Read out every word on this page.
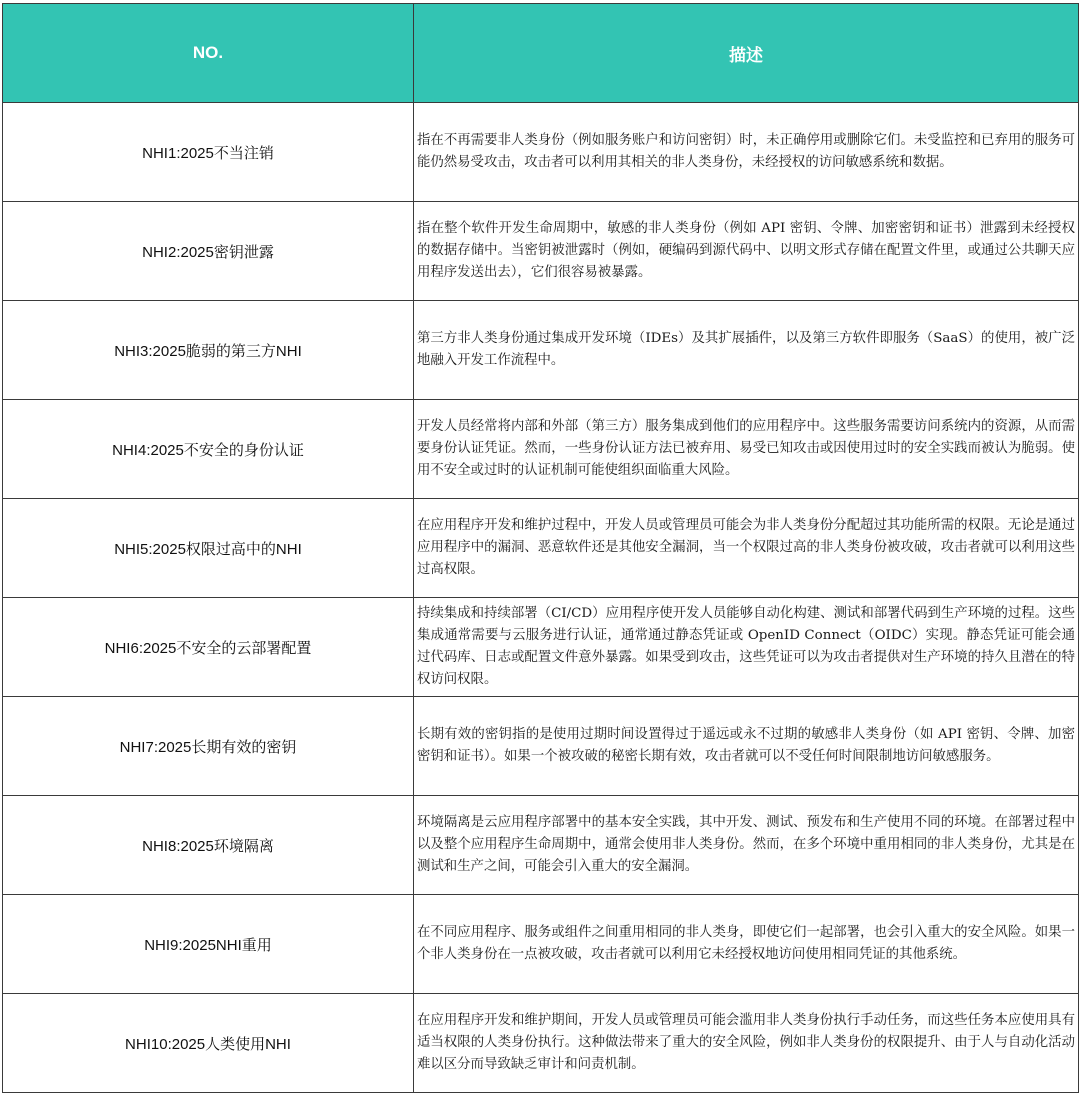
NO.	描述
NHI1:2025不当注销	指在不再需要非人类身份（例如服务账户和访问密钥）时，未正确停用或删除它们。未受监控和已弃用的服务可能仍然易受攻击，攻击者可以利用其相关的非人类身份，未经授权的访问敏感系统和数据。
NHI2:2025密钥泄露	指在整个软件开发生命周期中，敏感的非人类身份（例如 API 密钥、令牌、加密密钥和证书）泄露到未经授权的数据存储中。当密钥被泄露时（例如，硬编码到源代码中、以明文形式存储在配置文件里，或通过公共聊天应用程序发送出去），它们很容易被暴露。
NHI3:2025脆弱的第三方NHI	第三方非人类身份通过集成开发环境（IDEs）及其扩展插件，以及第三方软件即服务（SaaS）的使用，被广泛地融入开发工作流程中。
NHI4:2025不安全的身份认证	开发人员经常将内部和外部（第三方）服务集成到他们的应用程序中。这些服务需要访问系统内的资源，从而需要身份认证凭证。然而，一些身份认证方法已被弃用、易受已知攻击或因使用过时的安全实践而被认为脆弱。使用不安全或过时的认证机制可能使组织面临重大风险。
NHI5:2025权限过高中的NHI	在应用程序开发和维护过程中，开发人员或管理员可能会为非人类身份分配超过其功能所需的权限。无论是通过应用程序中的漏洞、恶意软件还是其他安全漏洞，当一个权限过高的非人类身份被攻破，攻击者就可以利用这些过高权限。
NHI6:2025不安全的云部署配置	持续集成和持续部署（CI/CD）应用程序使开发人员能够自动化构建、测试和部署代码到生产环境的过程。这些集成通常需要与云服务进行认证，通常通过静态凭证或 OpenID Connect（OIDC）实现。静态凭证可能会通过代码库、日志或配置文件意外暴露。如果受到攻击，这些凭证可以为攻击者提供对生产环境的持久且潜在的特权访问权限。
NHI7:2025长期有效的密钥	长期有效的密钥指的是使用过期时间设置得过于遥远或永不过期的敏感非人类身份（如 API 密钥、令牌、加密密钥和证书）。如果一个被攻破的秘密长期有效，攻击者就可以不受任何时间限制地访问敏感服务。
NHI8:2025环境隔离	环境隔离是云应用程序部署中的基本安全实践，其中开发、测试、预发布和生产使用不同的环境。在部署过程中以及整个应用程序生命周期中，通常会使用非人类身份。然而，在多个环境中重用相同的非人类身份，尤其是在测试和生产之间，可能会引入重大的安全漏洞。
NHI9:2025NHI重用	在不同应用程序、服务或组件之间重用相同的非人类身，即使它们一起部署，也会引入重大的安全风险。如果一个非人类身份在一点被攻破，攻击者就可以利用它未经授权地访问使用相同凭证的其他系统。
NHI10:2025人类使用NHI	在应用程序开发和维护期间，开发人员或管理员可能会滥用非人类身份执行手动任务，而这些任务本应使用具有适当权限的人类身份执行。这种做法带来了重大的安全风险，例如非人类身份的权限提升、由于人与自动化活动难以区分而导致缺乏审计和问责机制。
